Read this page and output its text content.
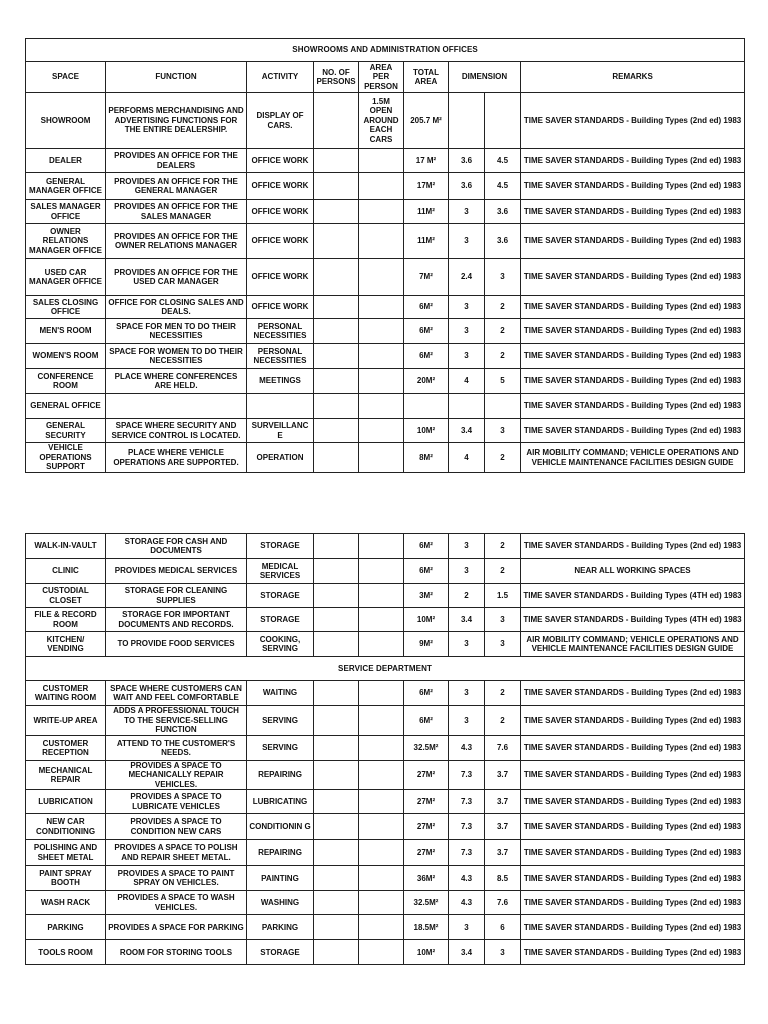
SHOWROOMS AND ADMINISTRATION OFFICES								
SPACE	FUNCTION	ACTIVITY	NO. OF PERSONS	AREA PER PERSON	TOTAL AREA	DIMENSION		REMARKS
SHOWROOM	PERFORMS MERCHANDISING AND ADVERTISING FUNCTIONS FOR THE ENTIRE DEALERSHIP.	DISPLAY OF CARS.		1.5M OPEN AROUND EACH CARS	205.7 M²			TIME SAVER STANDARDS - Building Types (2nd ed) 1983
DEALER	PROVIDES AN OFFICE FOR THE DEALERS	OFFICE WORK			17 M²	3.6	4.5	TIME SAVER STANDARDS - Building Types (2nd ed) 1983
GENERAL MANAGER OFFICE	PROVIDES AN OFFICE FOR THE GENERAL MANAGER	OFFICE WORK			17M²	3.6	4.5	TIME SAVER STANDARDS - Building Types (2nd ed) 1983
SALES MANAGER OFFICE	PROVIDES AN OFFICE FOR THE SALES MANAGER	OFFICE WORK			11M²	3	3.6	TIME SAVER STANDARDS - Building Types (2nd ed) 1983
OWNER RELATIONS MANAGER OFFICE	PROVIDES AN OFFICE FOR THE OWNER RELATIONS MANAGER	OFFICE WORK			11M²	3	3.6	TIME SAVER STANDARDS - Building Types (2nd ed) 1983
USED CAR MANAGER OFFICE	PROVIDES AN OFFICE FOR THE USED CAR MANAGER	OFFICE WORK			7M²	2.4	3	TIME SAVER STANDARDS - Building Types (2nd ed) 1983
SALES CLOSING OFFICE	OFFICE FOR CLOSING SALES AND DEALS.	OFFICE WORK			6M²	3	2	TIME SAVER STANDARDS - Building Types (2nd ed) 1983
MEN'S ROOM	SPACE FOR MEN TO DO THEIR NECESSITIES	PERSONAL NECESSITIES			6M²	3	2	TIME SAVER STANDARDS - Building Types (2nd ed) 1983
WOMEN'S ROOM	SPACE FOR WOMEN TO DO THEIR NECESSITIES	PERSONAL NECESSITIES			6M²	3	2	TIME SAVER STANDARDS - Building Types (2nd ed) 1983
CONFERENCE ROOM	PLACE WHERE CONFERENCES ARE HELD.	MEETINGS			20M²	4	5	TIME SAVER STANDARDS - Building Types (2nd ed) 1983
GENERAL OFFICE								TIME SAVER STANDARDS - Building Types (2nd ed) 1983
GENERAL SECURITY	SPACE WHERE SECURITY AND SERVICE CONTROL IS LOCATED.	SURVEILLANCE			10M²	3.4	3	TIME SAVER STANDARDS - Building Types (2nd ed) 1983
VEHICLE OPERATIONS SUPPORT	PLACE WHERE VEHICLE OPERATIONS ARE SUPPORTED.	OPERATION			8M²	4	2	AIR MOBILITY COMMAND; VEHICLE OPERATIONS AND VEHICLE MAINTENANCE FACILITIES DESIGN GUIDE
WALK-IN-VAULT	STORAGE FOR CASH AND DOCUMENTS	STORAGE			6M²	3	2	TIME SAVER STANDARDS - Building Types (2nd ed) 1983
CLINIC	PROVIDES MEDICAL SERVICES	MEDICAL SERVICES			6M²	3	2	NEAR ALL WORKING SPACES
CUSTODIAL CLOSET	STORAGE FOR CLEANING SUPPLIES	STORAGE			3M²	2	1.5	TIME SAVER STANDARDS - Building Types (4TH ed) 1983
FILE & RECORD ROOM	STORAGE FOR IMPORTANT DOCUMENTS AND RECORDS.	STORAGE			10M²	3.4	3	TIME SAVER STANDARDS - Building Types (4TH ed) 1983
KITCHEN/ VENDING	TO PROVIDE FOOD SERVICES	COOKING, SERVING			9M²	3	3	AIR MOBILITY COMMAND; VEHICLE OPERATIONS AND VEHICLE MAINTENANCE FACILITIES DESIGN GUIDE
SERVICE DEPARTMENT								
CUSTOMER WAITING ROOM	SPACE WHERE CUSTOMERS CAN WAIT AND FEEL COMFORTABLE	WAITING			6M²	3	2	TIME SAVER STANDARDS - Building Types (2nd ed) 1983
WRITE-UP AREA	ADDS A PROFESSIONAL TOUCH TO THE SERVICE-SELLING FUNCTION	SERVING			6M²	3	2	TIME SAVER STANDARDS - Building Types (2nd ed) 1983
CUSTOMER RECEPTION	ATTEND TO THE CUSTOMER'S NEEDS.	SERVING			32.5M²	4.3	7.6	TIME SAVER STANDARDS - Building Types (2nd ed) 1983
MECHANICAL REPAIR	PROVIDES A SPACE TO MECHANICALLY REPAIR VEHICLES.	REPAIRING			27M²	7.3	3.7	TIME SAVER STANDARDS - Building Types (2nd ed) 1983
LUBRICATION	PROVIDES A SPACE TO LUBRICATE VEHICLES	LUBRICATING			27M²	7.3	3.7	TIME SAVER STANDARDS - Building Types (2nd ed) 1983
NEW CAR CONDITIONING	PROVIDES A SPACE TO CONDITION NEW CARS	CONDITIONIN G			27M²	7.3	3.7	TIME SAVER STANDARDS - Building Types (2nd ed) 1983
POLISHING AND SHEET METAL	PROVIDES A SPACE TO POLISH AND REPAIR SHEET METAL.	REPAIRING			27M²	7.3	3.7	TIME SAVER STANDARDS - Building Types (2nd ed) 1983
PAINT SPRAY BOOTH	PROVIDES A SPACE TO PAINT SPRAY ON VEHICLES.	PAINTING			36M²	4.3	8.5	TIME SAVER STANDARDS - Building Types (2nd ed) 1983
WASH RACK	PROVIDES A SPACE TO WASH VEHICLES.	WASHING			32.5M²	4.3	7.6	TIME SAVER STANDARDS - Building Types (2nd ed) 1983
PARKING	PROVIDES A SPACE FOR PARKING	PARKING			18.5M²	3	6	TIME SAVER STANDARDS - Building Types (2nd ed) 1983
TOOLS ROOM	ROOM FOR STORING TOOLS	STORAGE			10M²	3.4	3	TIME SAVER STANDARDS - Building Types (2nd ed) 1983
